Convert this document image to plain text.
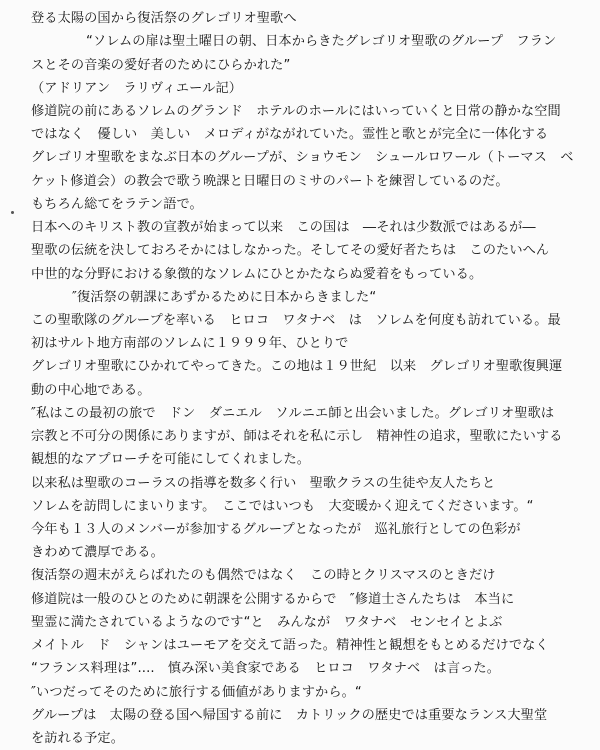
登る太陽の国から復活祭のグレゴリオ聖歌へ
“ソレムの扉は聖土曜日の朝、日本からきたグレゴリオ聖歌のグループ　フラン
スとその音楽の愛好者のためにひらかれた”
（アドリアン　ラリヴィエール記）
修道院の前にあるソレムのグランド　ホテルのホールにはいっていくと日常の静かな空間
ではなく　優しい　美しい　メロディがながれていた。霊性と歌とが完全に一体化する
グレゴリオ聖歌をまなぶ日本のグループが、ショウモン　シュールロワール（トーマス　ベ
ケット修道会）の教会で歌う晩課と日曜日のミサのパートを練習しているのだ。
もちろん総てをラテン語で。
日本へのキリスト教の宣教が始まって以来　この国は　―それは少数派ではあるが―
聖歌の伝統を決しておろそかにはしなかった。そしてその愛好者たちは　このたいへん
中世的な分野における象徴的なソレムにひとかたならぬ愛着をもっている。
″復活祭の朝課にあずかるために日本からきました“
この聖歌隊のグループを率いる　ヒロコ　ワタナベ　は　ソレムを何度も訪れている。最
初はサルト地方南部のソレムに１９９９年、ひとりで
グレゴリオ聖歌にひかれてやってきた。この地は１９世紀　以来　グレゴリオ聖歌復興運
動の中心地である。
″私はこの最初の旅で　ドン　ダニエル　ソルニエ師と出会いました。グレゴリオ聖歌は
宗教と不可分の関係にありますが、師はそれを私に示し　精神性の追求，聖歌にたいする
観想的なアプローチを可能にしてくれました。
以来私は聖歌のコーラスの指導を数多く行い　聖歌クラスの生徒や友人たちと
ソレムを訪問しにまいります。　ここではいつも　大変暖かく迎えてくださいます。“
今年も１３人のメンバーが参加するグループとなったが　巡礼旅行としての色彩が
きわめて濃厚である。
復活祭の週末がえらばれたのも偶然ではなく　この時とクリスマスのときだけ
修道院は一般のひとのために朝課を公開するからで　″修道士さんたちは　本当に
聖霊に満たされているようなのです“と　みんなが　ワタナベ　センセイとよぶ
メイトル　ド　シャンはユーモアを交えて語った。精神性と観想をもとめるだけでなく
“フランス料理は”....　慎み深い美食家である　ヒロコ　ワタナベ　は言った。
″いつだってそのために旅行する価値がありますから。“
グループは　太陽の登る国へ帰国する前に　カトリックの歴史では重要なランス大聖堂
を訪れる予定。
